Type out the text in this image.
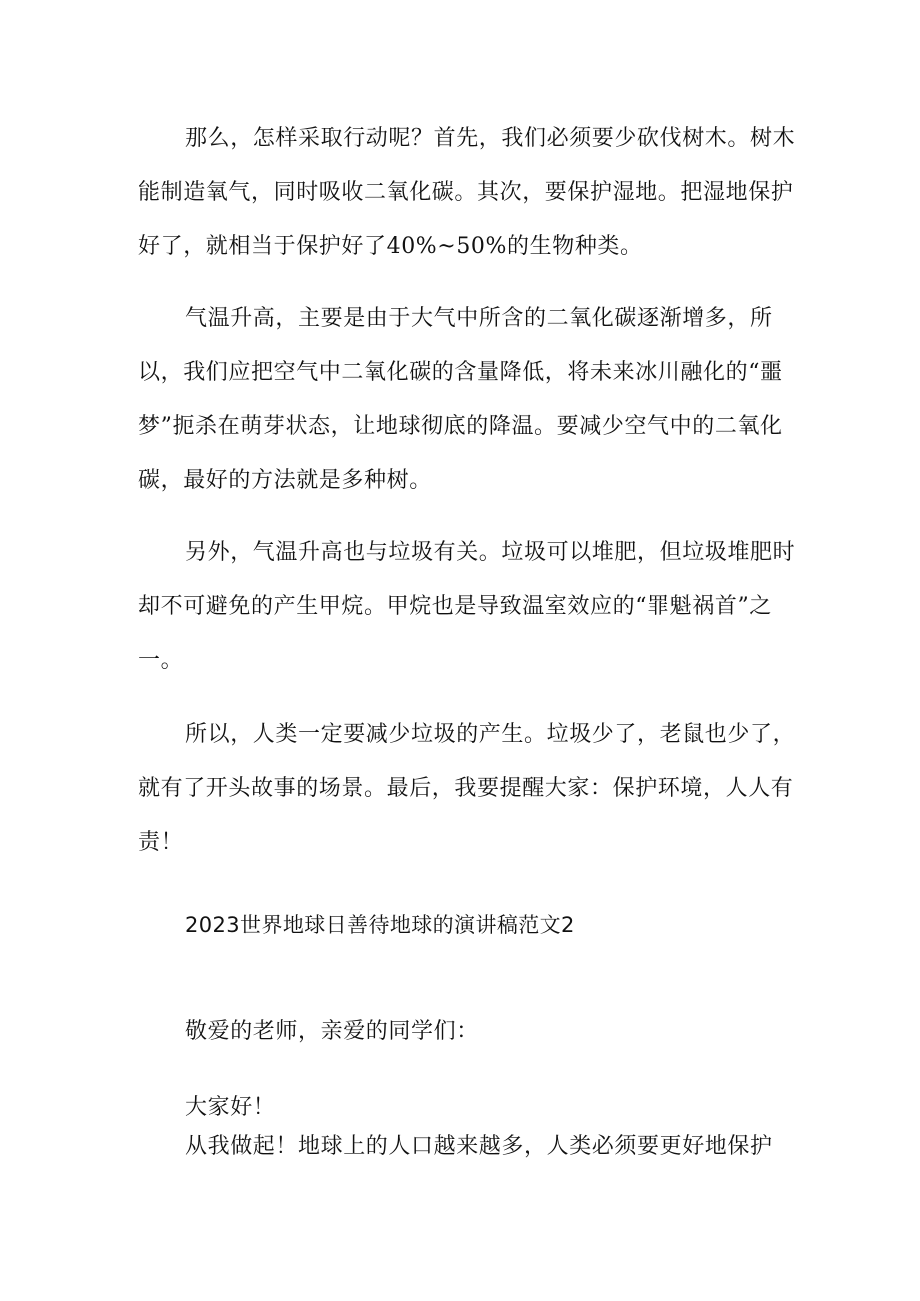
那么，怎样采取行动呢？首先，我们必须要少砍伐树木。树木能制造氧气，同时吸收二氧化碳。其次，要保护湿地。把湿地保护好了，就相当于保护好了40%~50%的生物种类。

气温升高，主要是由于大气中所含的二氧化碳逐渐增多，所以，我们应把空气中二氧化碳的含量降低，将未来冰川融化的“噩梦”扼杀在萌芽状态，让地球彻底的降温。要减少空气中的二氧化碳，最好的方法就是多种树。

另外，气温升高也与垃圾有关。垃圾可以堆肥，但垃圾堆肥时却不可避免的产生甲烷。甲烷也是导致温室效应的“罪魁祸首”之一。

所以，人类一定要减少垃圾的产生。垃圾少了，老鼠也少了，就有了开头故事的场景。最后，我要提醒大家：保护环境，人人有责！

2023世界地球日善待地球的演讲稿范文2

敬爱的老师，亲爱的同学们：

大家好！

从我做起！地球上的人口越来越多，人类必须要更好地保护
